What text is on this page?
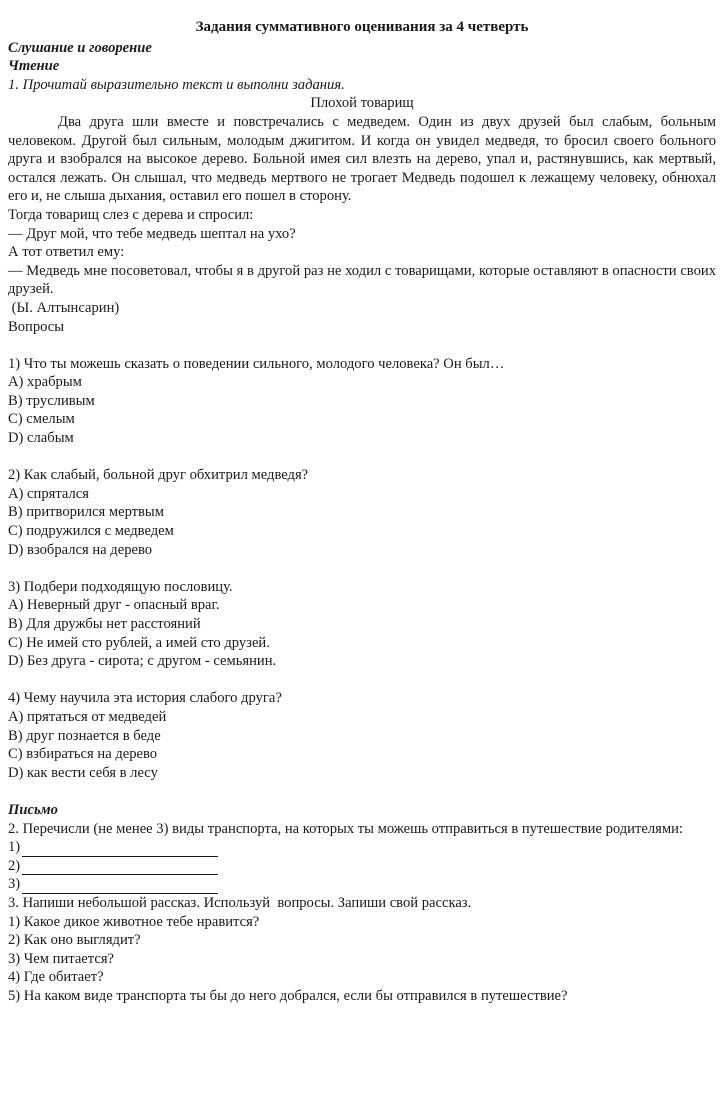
Задания суммативного оценивания за 4 четверть
Слушание и говорение
Чтение
1. Прочитай выразительно текст и выполни задания.
Плохой товарищ
Два друга шли вместе и повстречались с медведем. Один из двух друзей был слабым, больным человеком. Другой был сильным, молодым джигитом. И когда он увидел медведя, то бросил своего больного друга и взобрался на высокое дерево. Больной имея сил влезть на дерево, упал и, растянувшись, как мертвый, остался лежать. Он слышал, что медведь мертвого не трогает Медведь подошел к лежащему человеку, обнюхал его и, не слыша дыхания, оставил его пошел в сторону.
Тогда товарищ слез с дерева и спросил:
— Друг мой, что тебе медведь шептал на ухо?
А тот ответил ему:
— Медведь мне посоветовал, чтобы я в другой раз не ходил с товарищами, которые оставляют в опасности своих друзей.
(Ы. Алтынсарин)
Вопросы
1) Что ты можешь сказать о поведении сильного, молодого человека? Он был…
А) храбрым
В) трусливым
С) смелым
D) слабым
2) Как слабый, больной друг обхитрил медведя?
А) спрятался
В) притворился мертвым
С) подружился с медведем
D) взобрался на дерево
3) Подбери подходящую пословицу.
А) Неверный друг - опасный враг.
В) Для дружбы нет расстояний
С) Не имей сто рублей, а имей сто друзей.
D) Без друга - сирота; с другом - семьянин.
4) Чему научила эта история слабого друга?
А) прятаться от медведей
В) друг познается в беде
С) взбираться на дерево
D) как вести себя в лесу
Письмо
2. Перечисли (не менее 3) виды транспорта, на которых ты можешь отправиться в путешествие родителями:
1)
2)
3)
3. Напиши небольшой рассказ. Используй  вопросы. Запиши свой рассказ.
1) Какое дикое животное тебе нравится?
2) Как оно выглядит?
3) Чем питается?
4) Где обитает?
5) На каком виде транспорта ты бы до него добрался, если бы отправился в путешествие?
